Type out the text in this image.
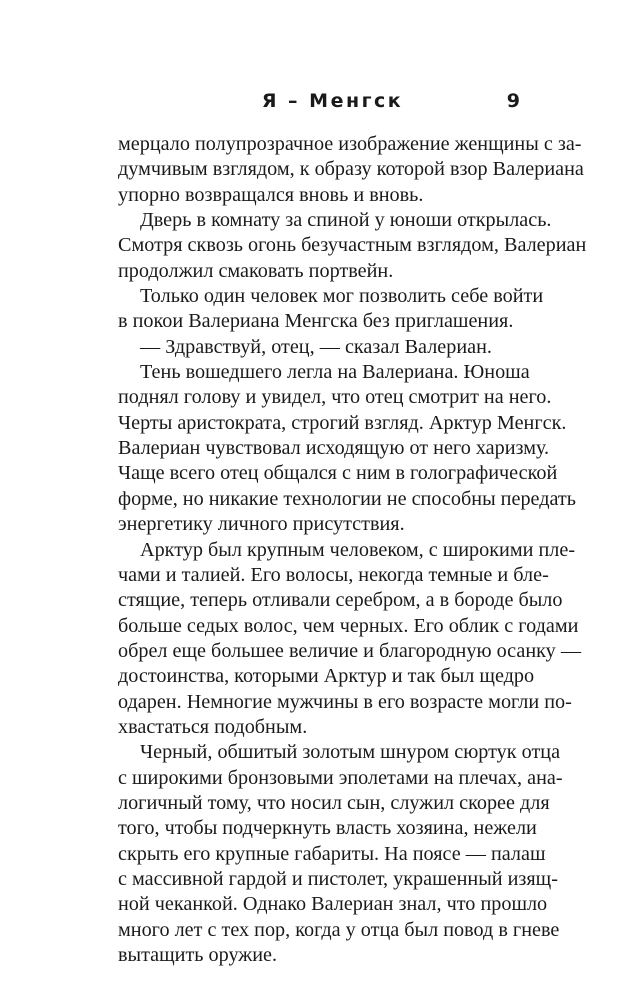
Я – Менгск	9
мерцало полупрозрачное изображение женщины с за-
думчивым взглядом, к образу которой взор Валериана
упорно возвращался вновь и вновь.
Дверь в комнату за спиной у юноши открылась.
Смотря сквозь огонь безучастным взглядом, Валериан
продолжил смаковать портвейн.
Только один человек мог позволить себе войти
в покои Валериана Менгска без приглашения.
— Здравствуй, отец, — сказал Валериан.
Тень вошедшего легла на Валериана. Юноша
поднял голову и увидел, что отец смотрит на него.
Черты аристократа, строгий взгляд. Арктур Менгск.
Валериан чувствовал исходящую от него харизму.
Чаще всего отец общался с ним в голографической
форме, но никакие технологии не способны передать
энергетику личного присутствия.
Арктур был крупным человеком, с широкими пле-
чами и талией. Его волосы, некогда темные и бле-
стящие, теперь отливали серебром, а в бороде было
больше седых волос, чем черных. Его облик с годами
обрел еще большее величие и благородную осанку —
достоинства, которыми Арктур и так был щедро
одарен. Немногие мужчины в его возрасте могли по-
хвастаться подобным.
Черный, обшитый золотым шнуром сюртук отца
с широкими бронзовыми эполетами на плечах, ана-
логичный тому, что носил сын, служил скорее для
того, чтобы подчеркнуть власть хозяина, нежели
скрыть его крупные габариты. На поясе — палаш
с массивной гардой и пистолет, украшенный изящ-
ной чеканкой. Однако Валериан знал, что прошло
много лет с тех пор, когда у отца был повод в гневе
вытащить оружие.
